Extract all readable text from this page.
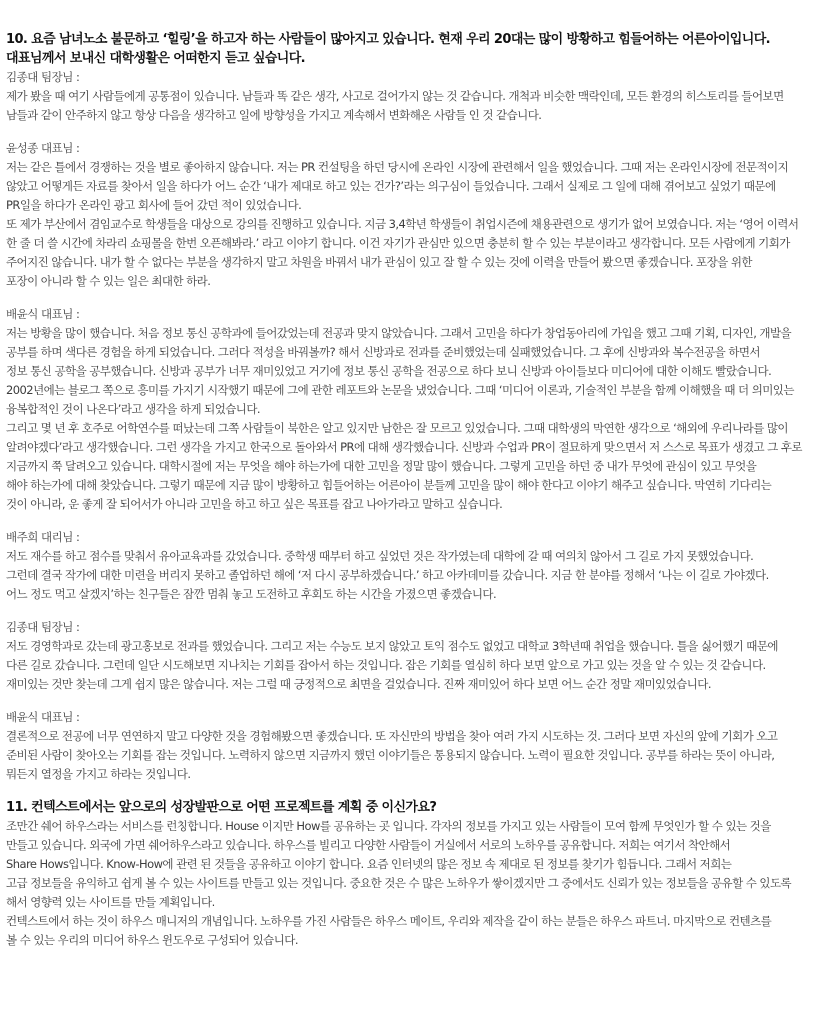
10. 요즘 남녀노소 불문하고 ‘힐링’을 하고자 하는 사람들이 많아지고 있습니다. 현재 우리 20대는 많이 방황하고 힘들어하는 어른아이입니다.
대표님께서 보내신 대학생활은 어떠한지 듣고 싶습니다.
김종대 팀장님 :
제가 봤을 때 여기 사람들에게 공통점이 있습니다. 남들과 똑 같은 생각, 사고로 걸어가지 않는 것 같습니다. 개척과 비슷한 맥락인데, 모든 환경의 히스토리를 들어보면
남들과 같이 안주하지 않고 항상 다음을 생각하고 일에 방향성을 가지고 계속해서 변화해온 사람들 인 것 같습니다.
윤성종 대표님 :
저는 같은 틀에서 경쟁하는 것을 별로 좋아하지 않습니다. 저는 PR 컨설팅을 하던 당시에 온라인 시장에 관련해서 일을 했었습니다. 그때 저는 온라인시장에 전문적이지
않았고 어떻게든 자료를 찾아서 일을 하다가 어느 순간 ‘내가 제대로 하고 있는 건가?’라는 의구심이 들었습니다. 그래서 실제로 그 일에 대해 겪어보고 싶었기 때문에
PR일을 하다가 온라인 광고 회사에 들어 갔던 적이 있었습니다.
또 제가 부산에서 겸임교수로 학생들을 대상으로 강의를 진행하고 있습니다. 지금 3,4학년 학생들이 취업시즌에 채용관련으로 생기가 없어 보였습니다. 저는 ‘영어 이력서
한 줄 더 쓸 시간에 차라리 쇼핑몰을 한번 오픈해봐라.’ 라고 이야기 합니다. 이건 자기가 관심만 있으면 충분히 할 수 있는 부분이라고 생각합니다. 모든 사람에게 기회가
주어지진 않습니다. 내가 할 수 없다는 부분을 생각하지 말고 차원을 바꿔서 내가 관심이 있고 잘 할 수 있는 것에 이력을 만들어 봤으면 좋겠습니다. 포장을 위한
포장이 아니라 할 수 있는 일은 최대한 하라.
배윤식 대표님 :
저는 방황을 많이 했습니다. 처음 정보 통신 공학과에 들어갔었는데 전공과 맞지 않았습니다. 그래서 고민을 하다가 창업동아리에 가입을 했고 그때 기획, 디자인, 개발을
공부를 하며 색다른 경험을 하게 되었습니다. 그러다 적성을 바꿔볼까? 해서 신방과로 전과를 준비했었는데 실패했었습니다. 그 후에 신방과와 복수전공을 하면서
정보 통신 공학을 공부했습니다. 신방과 공부가 너무 재미있었고 거기에 정보 통신 공학을 전공으로 하다 보니 신방과 아이들보다 미디어에 대한 이해도 빨랐습니다.
2002년에는 블로그 쪽으로 흥미를 가지기 시작했기 때문에 그에 관한 레포트와 논문을 냈었습니다. 그때 ‘미디어 이론과, 기술적인 부분을 함께 이해했을 때 더 의미있는
융복합적인 것이 나온다’라고 생각을 하게 되었습니다.
그리고 몇 년 후 호주로 어학연수를 떠났는데 그쪽 사람들이 북한은 알고 있지만 남한은 잘 모르고 있었습니다. 그때 대학생의 막연한 생각으로 ‘해외에 우리나라를 많이
알려야겠다’라고 생각했습니다. 그런 생각을 가지고 한국으로 돌아와서 PR에 대해 생각했습니다. 신방과 수업과 PR이 절묘하게 맞으면서 저 스스로 목표가 생겼고 그 후로
지금까지 쭉 달려오고 있습니다. 대학시절에 저는 무엇을 해야 하는가에 대한 고민을 정말 많이 했습니다. 그렇게 고민을 하던 중 내가 무엇에 관심이 있고 무엇을
해야 하는가에 대해 찾았습니다. 그렇기 때문에 지금 많이 방황하고 힘들어하는 어른아이 분들께 고민을 많이 해야 한다고 이야기 해주고 싶습니다. 막연히 기다리는
것이 아니라, 운 좋게 잘 되어서가 아니라 고민을 하고 하고 싶은 목표를 잡고 나아가라고 말하고 싶습니다.
배주희 대리님 :
저도 재수를 하고 점수를 맞춰서 유아교육과를 갔었습니다. 중학생 때부터 하고 싶었던 것은 작가였는데 대학에 갈 때 여의치 않아서 그 길로 가지 못했었습니다.
그런데 결국 작가에 대한 미련을 버리지 못하고 졸업하던 해에 ‘저 다시 공부하겠습니다.’ 하고 아카데미를 갔습니다. 지금 한 분야를 정해서 ‘나는 이 길로 가야겠다.
어느 정도 먹고 살겠지’하는 친구들은 잠깐 멈춰 놓고 도전하고 후회도 하는 시간을 가졌으면 좋겠습니다.
김종대 팀장님 :
저도 경영학과로 갔는데 광고홍보로 전과를 했었습니다. 그리고 저는 수능도 보지 않았고 토익 점수도 없었고 대학교 3학년때 취업을 했습니다. 틀을 싫어했기 때문에
다른 길로 갔습니다. 그런데 일단 시도해보면 지나치는 기회를 잡아서 하는 것입니다. 잡은 기회를 열심히 하다 보면 앞으로 가고 있는 것을 알 수 있는 것 같습니다.
재미있는 것만 찾는데 그게 쉽지 많은 않습니다. 저는 그럴 때 긍정적으로 최면을 걸었습니다. 진짜 재미있어 하다 보면 어느 순간 정말 재미있었습니다.
배윤식 대표님 :
결론적으로 전공에 너무 연연하지 말고 다양한 것을 경험해봤으면 좋겠습니다. 또 자신만의 방법을 찾아 여러 가지 시도하는 것. 그러다 보면 자신의 앞에 기회가 오고
준비된 사람이 찾아오는 기회를 잡는 것입니다. 노력하지 않으면 지금까지 했던 이야기들은 통용되지 않습니다. 노력이 필요한 것입니다. 공부를 하라는 뜻이 아니라,
뭐든지 열정을 가지고 하라는 것입니다.
11. 컨텍스트에서는 앞으로의 성장발판으로 어떤 프로젝트를 계획 중 이신가요?
조만간 쉐어 하우스라는 서비스를 런칭합니다. House 이지만 How를 공유하는 곳 입니다. 각자의 정보를 가지고 있는 사람들이 모여 함께 무엇인가 할 수 있는 것을
만들고 있습니다. 외국에 가면 쉐어하우스라고 있습니다. 하우스를 빌리고 다양한 사람들이 거실에서 서로의 노하우를 공유합니다. 저희는 여기서 착안해서
Share Hows입니다. Know-How에 관련 된 것들을 공유하고 이야기 합니다. 요즘 인터넷의 많은 정보 속 제대로 된 정보를 찾기가 힘듭니다. 그래서 저희는
고급 정보들을 유익하고 쉽게 볼 수 있는 사이트를 만들고 있는 것입니다. 중요한 것은 수 많은 노하우가 쌓이겠지만 그 중에서도 신뢰가 있는 정보들을 공유할 수 있도록
해서 영향력 있는 사이트를 만들 계획입니다.
컨텍스트에서 하는 것이 하우스 매니저의 개념입니다. 노하우를 가진 사람들은 하우스 메이트, 우리와 제작을 같이 하는 분들은 하우스 파트너. 마지막으로 컨텐츠를
볼 수 있는 우리의 미디어 하우스 윈도우로 구성되어 있습니다.
